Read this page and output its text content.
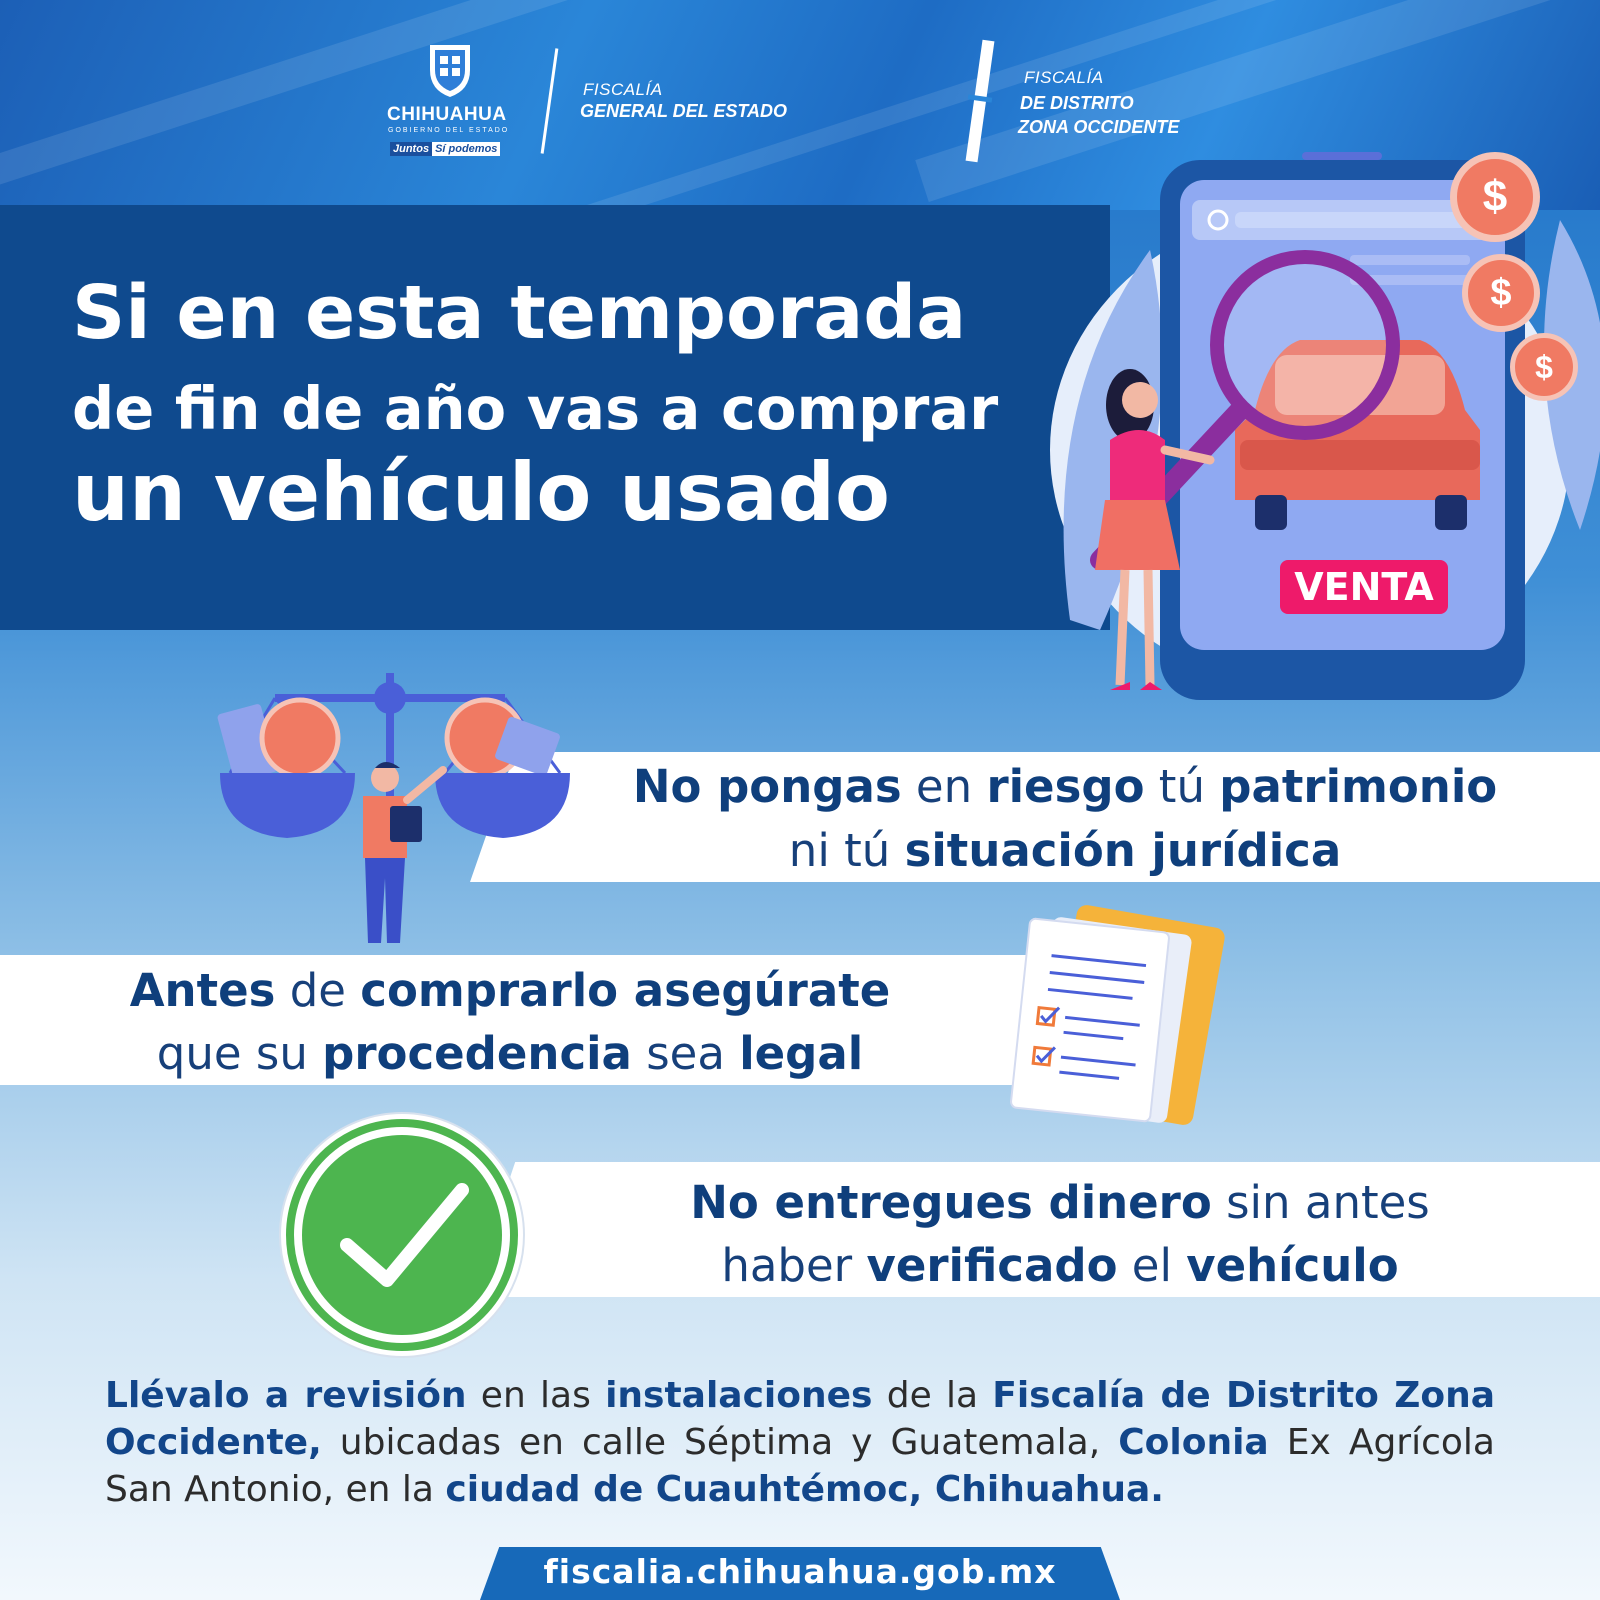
CHIHUAHUA
GOBIERNO DEL ESTADO
Juntos Sí podemos
FISCALÍA
GENERAL DEL ESTADO
FISCALÍA
DE DISTRITO
ZONA OCCIDENTE
Si en esta temporada
de fin de año vas a comprar
un vehículo usado
$
$
$
VENTA
No pongas en riesgo tú patrimonio
ni tú situación jurídica
Antes de comprarlo asegúrate
que su procedencia sea legal
No entregues dinero sin antes
haber verificado el vehículo
Llévalo a revisión en las instalaciones de la Fiscalía de Distrito Zona Occidente, ubicadas en calle Séptima y Guatemala, Colonia Ex Agrícola San Antonio, en la ciudad de Cuauhtémoc, Chihuahua.
fiscalia.chihuahua.gob.mx
